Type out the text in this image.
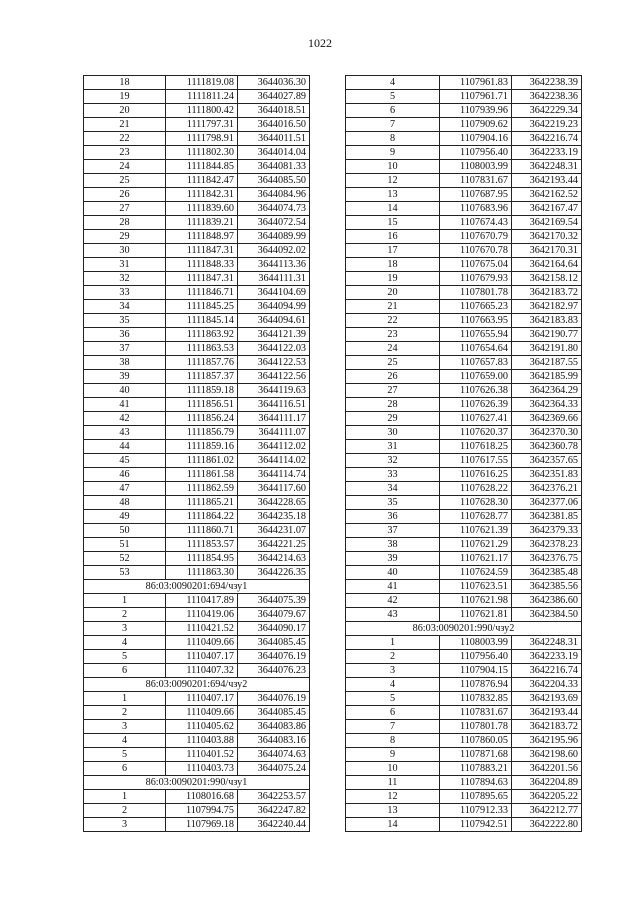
1022
18	1111819.08	3644036.30
19	1111811.24	3644027.89
20	1111800.42	3644018.51
21	1111797.31	3644016.50
22	1111798.91	3644011.51
23	1111802.30	3644014.04
24	1111844.85	3644081.33
25	1111842.47	3644085.50
26	1111842.31	3644084.96
27	1111839.60	3644074.73
28	1111839.21	3644072.54
29	1111848.97	3644089.99
30	1111847.31	3644092.02
31	1111848.33	3644113.36
32	1111847.31	3644111.31
33	1111846.71	3644104.69
34	1111845.25	3644094.99
35	1111845.14	3644094.61
36	1111863.92	3644121.39
37	1111863.53	3644122.03
38	1111857.76	3644122.53
39	1111857.37	3644122.56
40	1111859.18	3644119.63
41	1111856.51	3644116.51
42	1111856.24	3644111.17
43	1111856.79	3644111.07
44	1111859.16	3644112.02
45	1111861.02	3644114.02
46	1111861.58	3644114.74
47	1111862.59	3644117.60
48	1111865.21	3644228.65
49	1111864.22	3644235.18
50	1111860.71	3644231.07
51	1111853.57	3644221.25
52	1111854.95	3644214.63
53	1111863.30	3644226.35
86:03:0090201:694/чзу1		
1	1110417.89	3644075.39
2	1110419.06	3644079.67
3	1110421.52	3644090.17
4	1110409.66	3644085.45
5	1110407.17	3644076.19
6	1110407.32	3644076.23
86:03:0090201:694/чзу2		
1	1110407.17	3644076.19
2	1110409.66	3644085.45
3	1110405.62	3644083.86
4	1110403.88	3644083.16
5	1110401.52	3644074.63
6	1110403.73	3644075.24
86:03:0090201:990/чзу1		
1	1108016.68	3642253.57
2	1107994.75	3642247.82
3	1107969.18	3642240.44
4	1107961.83	3642238.39
5	1107961.71	3642238.36
6	1107939.96	3642229.34
7	1107909.62	3642219.23
8	1107904.16	3642216.74
9	1107956.40	3642233.19
10	1108003.99	3642248.31
12	1107831.67	3642193.44
13	1107687.95	3642162.52
14	1107683.96	3642167.47
15	1107674.43	3642169.54
16	1107670.79	3642170.32
17	1107670.78	3642170.31
18	1107675.04	3642164.64
19	1107679.93	3642158.12
20	1107801.78	3642183.72
21	1107665.23	3642182.97
22	1107663.95	3642183.83
23	1107655.94	3642190.77
24	1107654.64	3642191.80
25	1107657.83	3642187.55
26	1107659.00	3642185.99
27	1107626.38	3642364.29
28	1107626.39	3642364.33
29	1107627.41	3642369.66
30	1107620.37	3642370.30
31	1107618.25	3642360.78
32	1107617.55	3642357.65
33	1107616.25	3642351.83
34	1107628.22	3642376.21
35	1107628.30	3642377.06
36	1107628.77	3642381.85
37	1107621.39	3642379.33
38	1107621.29	3642378.23
39	1107621.17	3642376.75
40	1107624.59	3642385.48
41	1107623.51	3642385.56
42	1107621.98	3642386.60
43	1107621.81	3642384.50
86:03:0090201:990/чзу2		
1	1108003.99	3642248.31
2	1107956.40	3642233.19
3	1107904.15	3642216.74
4	1107876.94	3642204.33
5	1107832.85	3642193.69
6	1107831.67	3642193.44
7	1107801.78	3642183.72
8	1107860.05	3642195.96
9	1107871.68	3642198.60
10	1107883.21	3642201.56
11	1107894.63	3642204.89
12	1107895.65	3642205.22
13	1107912.33	3642212.77
14	1107942.51	3642222.80
